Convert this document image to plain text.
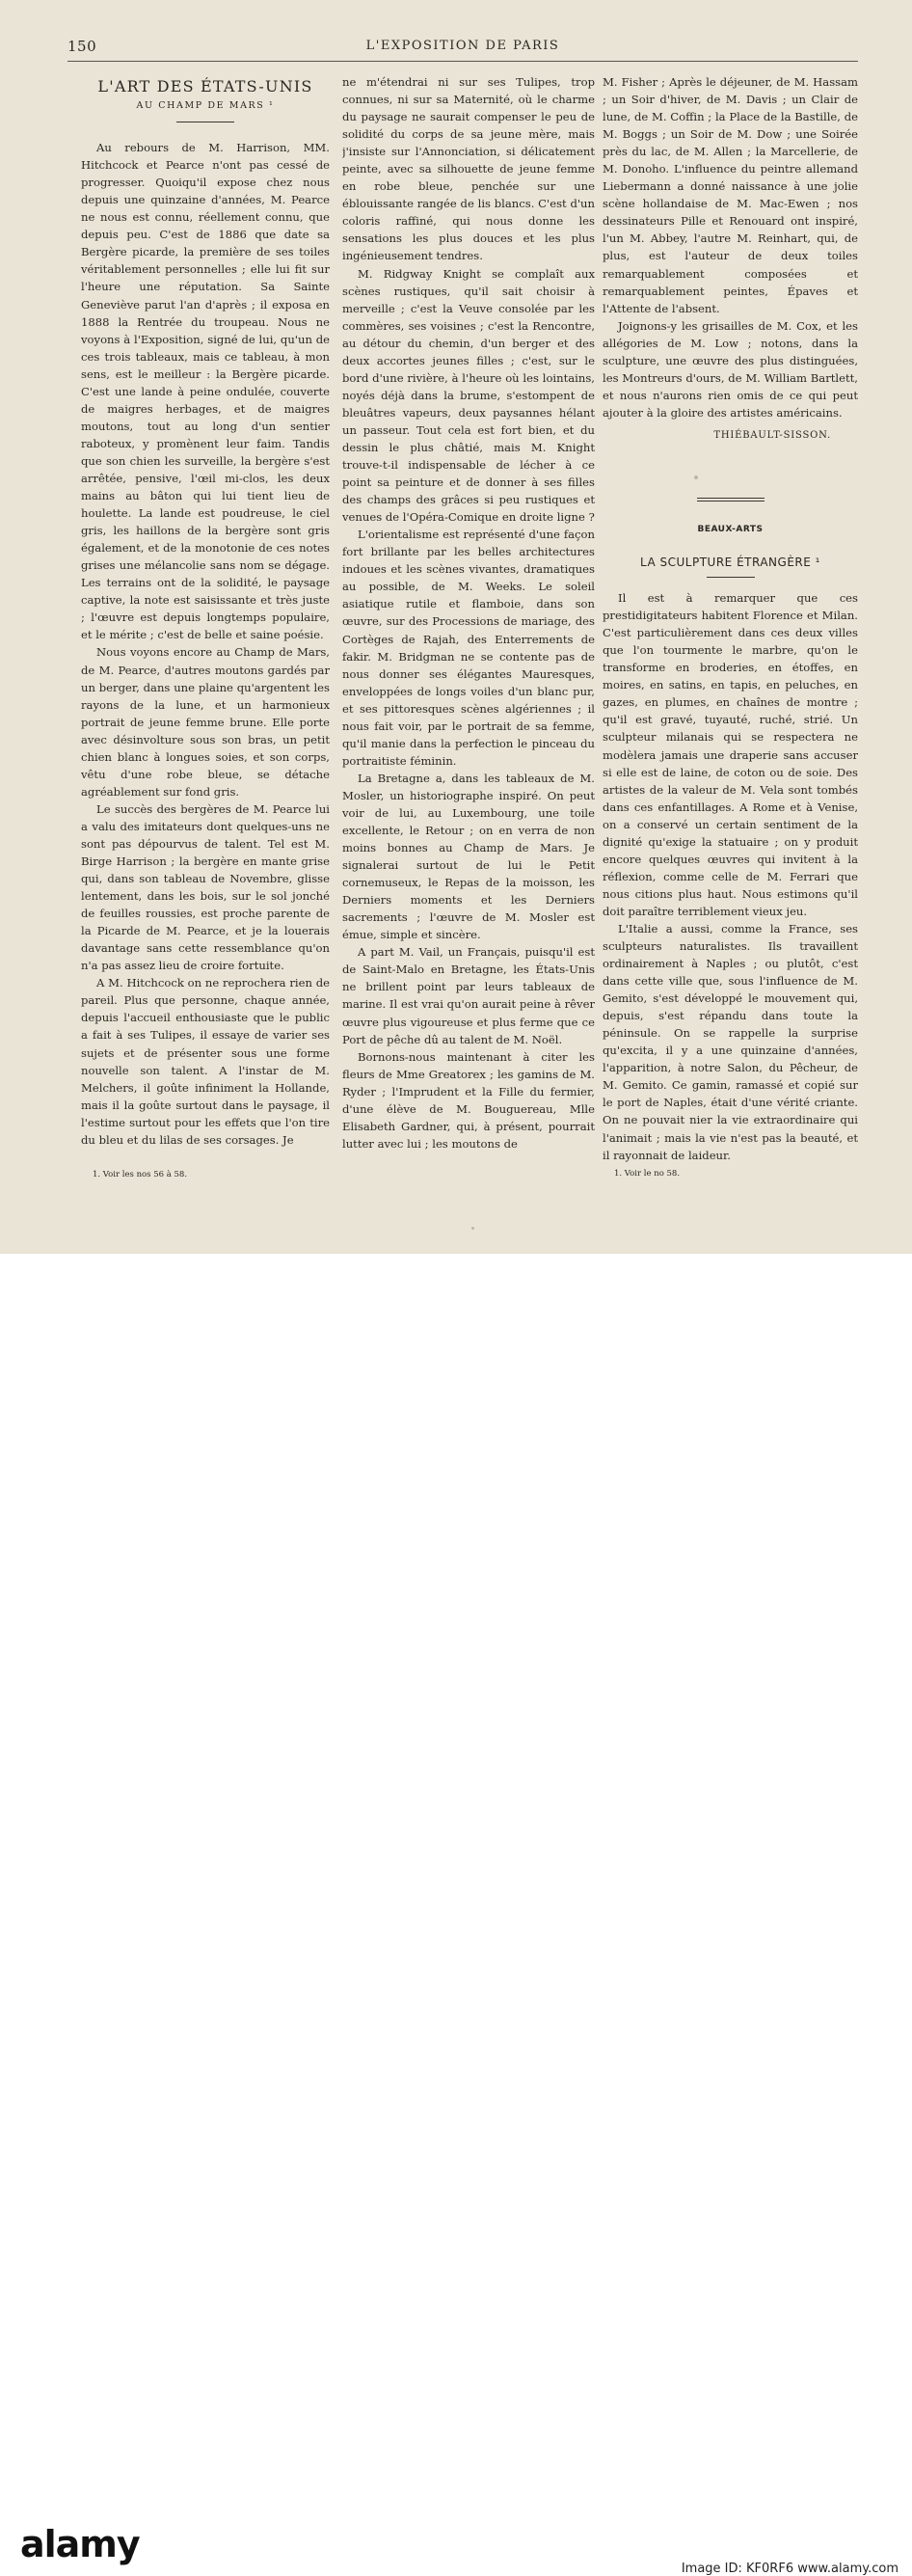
150	L'EXPOSITION DE PARIS
L'ART DES ÉTATS-UNIS
AU CHAMP DE MARS ¹

Au rebours de M. Harrison, MM. Hitchcock et Pearce n'ont pas cessé de progresser. Quoiqu'il expose chez nous depuis une quinzaine d'années, M. Pearce ne nous est connu, réellement connu, que depuis peu. C'est de 1886 que date sa Bergère picarde, la première de ses toiles véritablement personnelles ; elle lui fit sur l'heure une réputation. Sa Sainte Geneviève parut l'an d'après ; il exposa en 1888 la Rentrée du troupeau. Nous ne voyons à l'Exposition, signé de lui, qu'un de ces trois tableaux, mais ce tableau, à mon sens, est le meilleur : la Bergère picarde. C'est une lande à peine ondulée, couverte de maigres herbages, et de maigres moutons, tout au long d'un sentier raboteux, y promènent leur faim. Tandis que son chien les surveille, la bergère s'est arrêtée, pensive, l'œil mi-clos, les deux mains au bâton qui lui tient lieu de houlette. La lande est poudreuse, le ciel gris, les haillons de la bergère sont gris également, et de la monotonie de ces notes grises une mélancolie sans nom se dégage. Les terrains ont de la solidité, le paysage captive, la note est saisissante et très juste ; l'œuvre est depuis longtemps populaire, et le mérite ; c'est de belle et saine poésie.

Nous voyons encore au Champ de Mars, de M. Pearce, d'autres moutons gardés par un berger, dans une plaine qu'argentent les rayons de la lune, et un harmonieux portrait de jeune femme brune. Elle porte avec désinvolture sous son bras, un petit chien blanc à longues soies, et son corps, vêtu d'une robe bleue, se détache agréablement sur fond gris.

Le succès des bergères de M. Pearce lui a valu des imitateurs dont quelques-uns ne sont pas dépourvus de talent. Tel est M. Birge Harrison ; la bergère en mante grise qui, dans son tableau de Novembre, glisse lentement, dans les bois, sur le sol jonché de feuilles roussies, est proche parente de la Picarde de M. Pearce, et je la louerais davantage sans cette ressemblance qu'on n'a pas assez lieu de croire fortuite.

A M. Hitchcock on ne reprochera rien de pareil. Plus que personne, chaque année, depuis l'accueil enthousiaste que le public a fait à ses Tulipes, il essaye de varier ses sujets et de présenter sous une forme nouvelle son talent. A l'instar de M. Melchers, il goûte infiniment la Hollande, mais il la goûte surtout dans le paysage, il l'estime surtout pour les effets que l'on tire du bleu et du lilas de ses corsages. Je

1. Voir les nos 56 à 58.

ne m'étendrai ni sur ses Tulipes, trop connues, ni sur sa Maternité, où le charme du paysage ne saurait compenser le peu de solidité du corps de sa jeune mère, mais j'insiste sur l'Annonciation, si délicatement peinte, avec sa silhouette de jeune femme en robe bleue, penchée sur une éblouissante rangée de lis blancs. C'est d'un coloris raffiné, qui nous donne les sensations les plus douces et les plus ingénieusement tendres.

M. Ridgway Knight se complaît aux scènes rustiques, qu'il sait choisir à merveille ; c'est la Veuve consolée par les commères, ses voisines ; c'est la Rencontre, au détour du chemin, d'un berger et des deux accortes jeunes filles ; c'est, sur le bord d'une rivière, à l'heure où les lointains, noyés déjà dans la brume, s'estompent de bleuâtres vapeurs, deux paysannes hélant un passeur. Tout cela est fort bien, et du dessin le plus châtié, mais M. Knight trouve-t-il indispensable de lécher à ce point sa peinture et de donner à ses filles des champs des grâces si peu rustiques et venues de l'Opéra-Comique en droite ligne ?

L'orientalisme est représenté d'une façon fort brillante par les belles architectures indoues et les scènes vivantes, dramatiques au possible, de M. Weeks. Le soleil asiatique rutile et flamboie, dans son œuvre, sur des Processions de mariage, des Cortèges de Rajah, des Enterrements de fakir. M. Bridgman ne se contente pas de nous donner ses élégantes Mauresques, enveloppées de longs voiles d'un blanc pur, et ses pittoresques scènes algériennes ; il nous fait voir, par le portrait de sa femme, qu'il manie dans la perfection le pinceau du portraitiste féminin.

La Bretagne a, dans les tableaux de M. Mosler, un historiographe inspiré. On peut voir de lui, au Luxembourg, une toile excellente, le Retour ; on en verra de non moins bonnes au Champ de Mars. Je signalerai surtout de lui le Petit cornemuseux, le Repas de la moisson, les Derniers moments et les Derniers sacrements ; l'œuvre de M. Mosler est émue, simple et sincère.

A part M. Vail, un Français, puisqu'il est de Saint-Malo en Bretagne, les États-Unis ne brillent point par leurs tableaux de marine. Il est vrai qu'on aurait peine à rêver œuvre plus vigoureuse et plus ferme que ce Port de pêche dû au talent de M. Noël.

Bornons-nous maintenant à citer les fleurs de Mme Greatorex ; les gamins de M. Ryder ; l'Imprudent et la Fille du fermier, d'une élève de M. Bouguereau, Mlle Elisabeth Gardner, qui, à présent, pourrait lutter avec lui ; les moutons de

M. Fisher ; Après le déjeuner, de M. Hassam ; un Soir d'hiver, de M. Davis ; un Clair de lune, de M. Coffin ; la Place de la Bastille, de M. Boggs ; un Soir de M. Dow ; une Soirée près du lac, de M. Allen ; la Marcellerie, de M. Donoho. L'influence du peintre allemand Liebermann a donné naissance à une jolie scène hollandaise de M. Mac-Ewen ; nos dessinateurs Pille et Renouard ont inspiré, l'un M. Abbey, l'autre M. Reinhart, qui, de plus, est l'auteur de deux toiles remarquablement composées et remarquablement peintes, Épaves et l'Attente de l'absent.

Joignons-y les grisailles de M. Cox, et les allégories de M. Low ; notons, dans la sculpture, une œuvre des plus distinguées, les Montreurs d'ours, de M. William Bartlett, et nous n'aurons rien omis de ce qui peut ajouter à la gloire des artistes américains.

THIÉBAULT-SISSON.
BEAUX-ARTS
LA SCULPTURE ÉTRANGÈRE ¹

Il est à remarquer que ces prestidigitateurs habitent Florence et Milan. C'est particulièrement dans ces deux villes que l'on tourmente le marbre, qu'on le transforme en broderies, en étoffes, en moires, en satins, en tapis, en peluches, en gazes, en plumes, en chaînes de montre ; qu'il est gravé, tuyauté, ruché, strié. Un sculpteur milanais qui se respectera ne modèlera jamais une draperie sans accuser si elle est de laine, de coton ou de soie. Des artistes de la valeur de M. Vela sont tombés dans ces enfantillages. A Rome et à Venise, on a conservé un certain sentiment de la dignité qu'exige la statuaire ; on y produit encore quelques œuvres qui invitent à la réflexion, comme celle de M. Ferrari que nous citions plus haut. Nous estimons qu'il doit paraître terriblement vieux jeu.

L'Italie a aussi, comme la France, ses sculpteurs naturalistes. Ils travaillent ordinairement à Naples ; ou plutôt, c'est dans cette ville que, sous l'influence de M. Gemito, s'est développé le mouvement qui, depuis, s'est répandu dans toute la péninsule. On se rappelle la surprise qu'excita, il y a une quinzaine d'années, l'apparition, à notre Salon, du Pêcheur, de M. Gemito. Ce gamin, ramassé et copié sur le port de Naples, était d'une vérité criante. On ne pouvait nier la vie extraordinaire qui l'animait ; mais la vie n'est pas la beauté, et il rayonnait de laideur.

1. Voir le no 58.
alamy
Image ID: KF0RF6 www.alamy.com
